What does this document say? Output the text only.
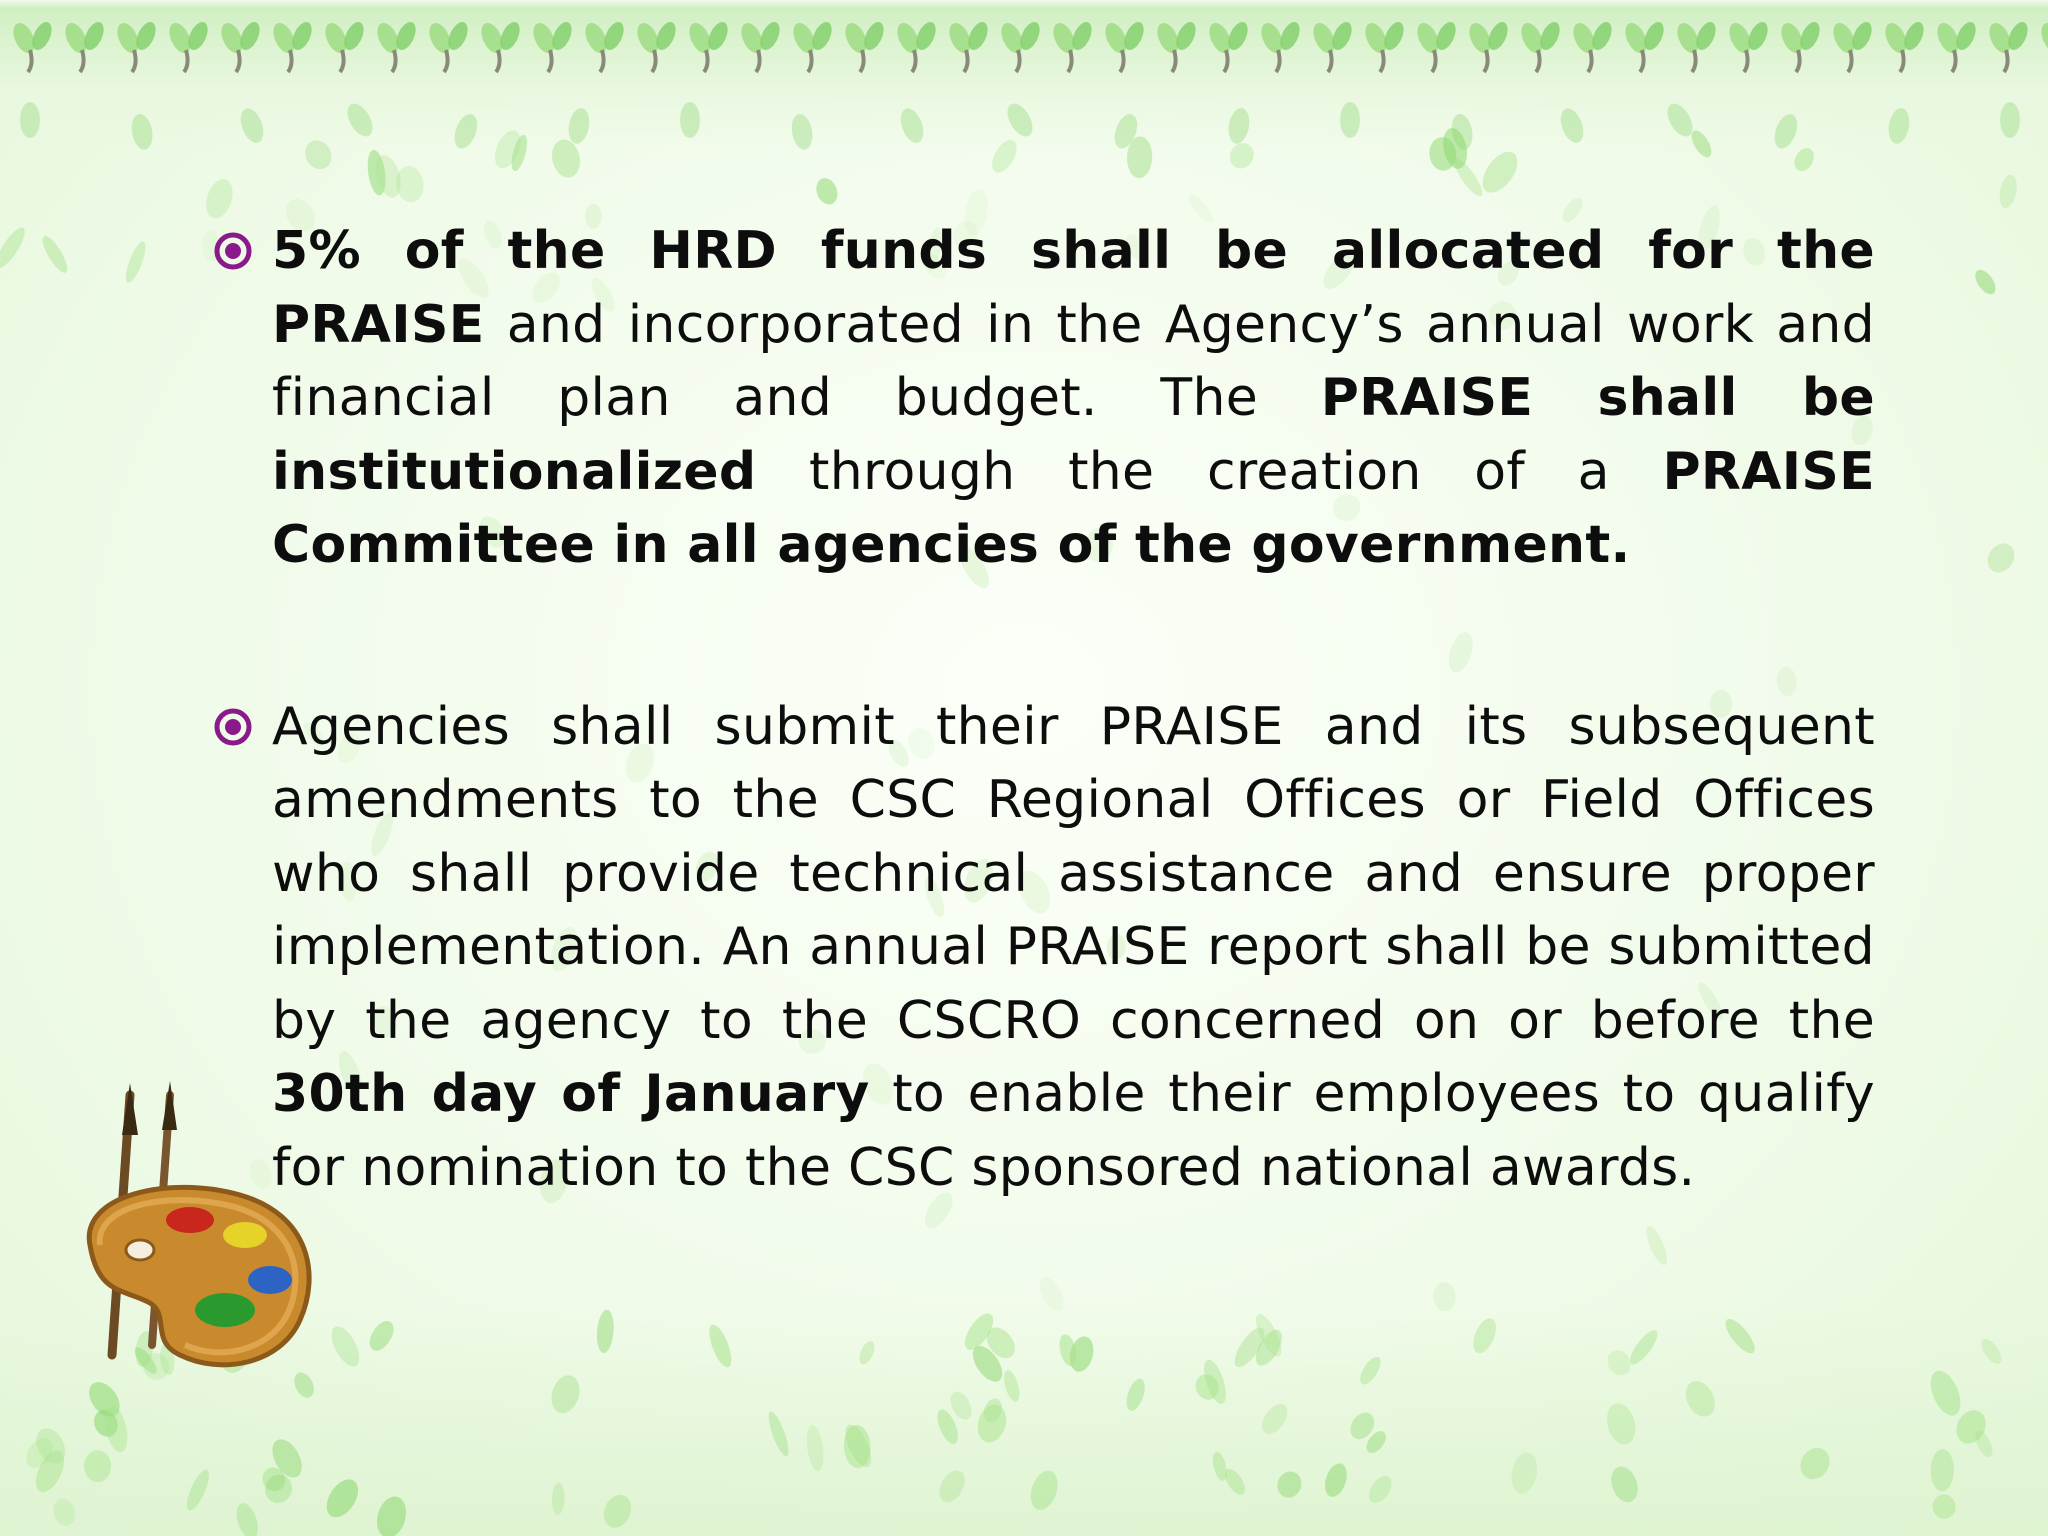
5% of the HRD funds shall be allocated for the PRAISE and incorporated in the Agency’s annual work and financial plan and budget. The PRAISE shall be institutionalized through the creation of a PRAISE Committee in all agencies of the government.

Agencies shall submit their PRAISE and its subsequent amendments to the CSC Regional Offices or Field Offices who shall provide technical assistance and ensure proper implementation. An annual PRAISE report shall be submitted by the agency to the CSCRO concerned on or before the 30th day of January to enable their employees to qualify for nomination to the CSC sponsored national awards.
